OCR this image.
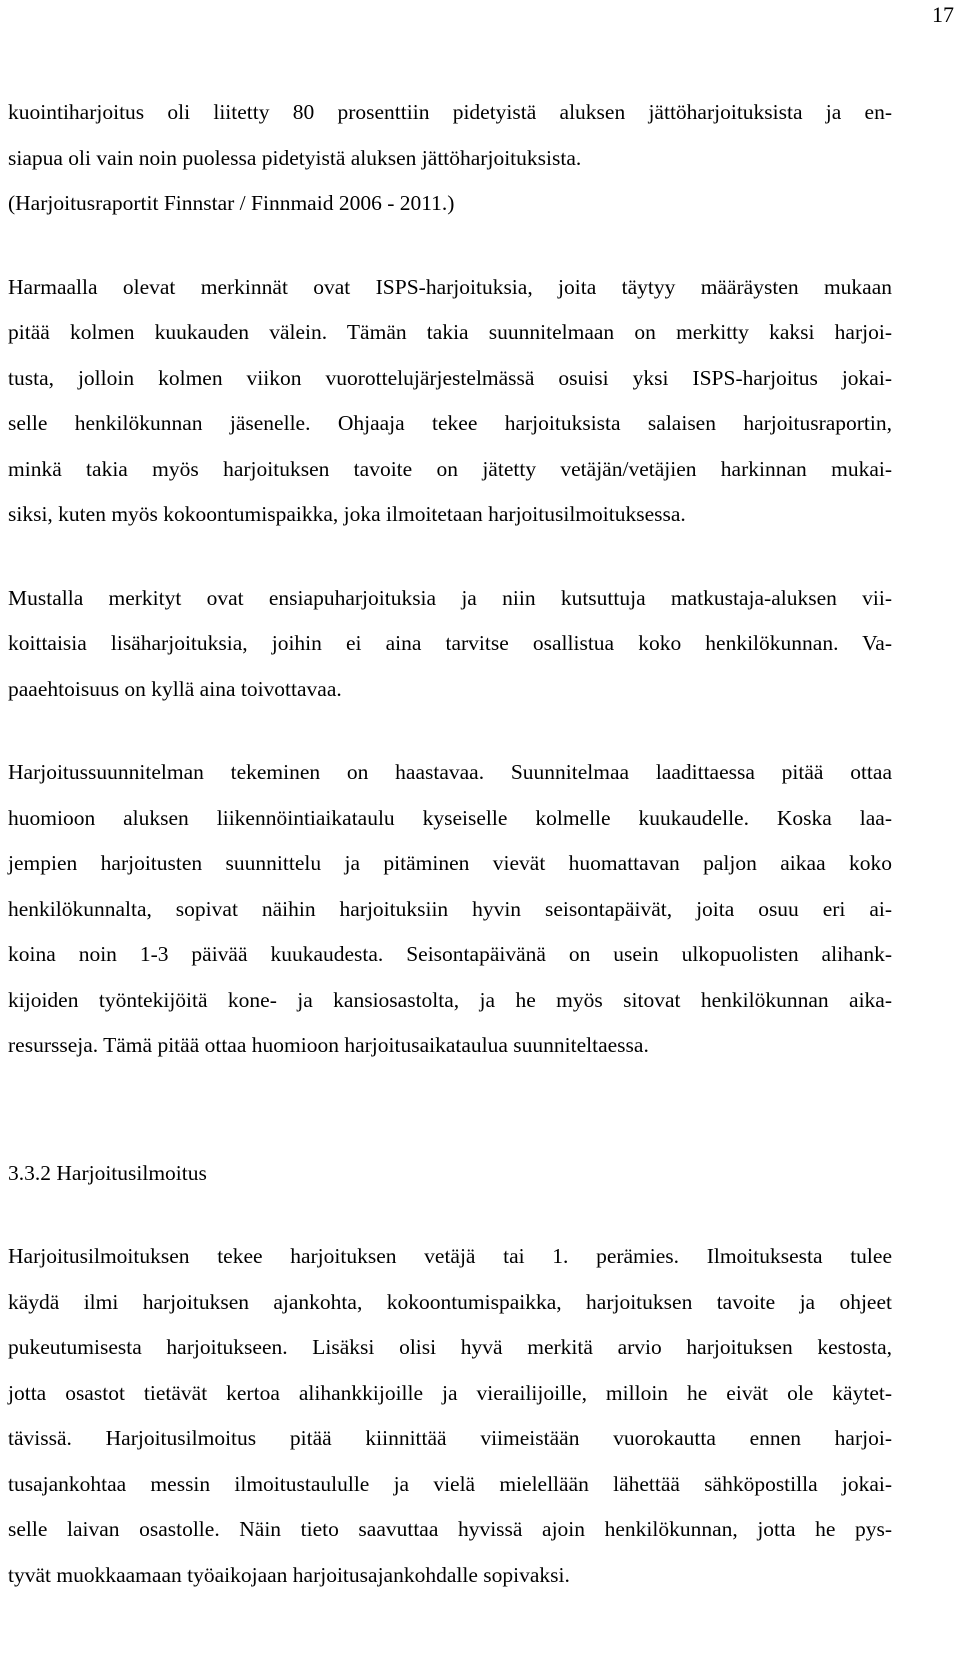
17
kuointiharjoitus oli liitetty 80 prosenttiin pidetyistä aluksen jättöharjoituksista ja en-
siapua oli vain noin puolessa pidetyistä aluksen jättöharjoituksista.
(Harjoitusraportit Finnstar / Finnmaid 2006 - 2011.)
Harmaalla olevat merkinnät ovat ISPS-harjoituksia, joita täytyy määräysten mukaan
pitää kolmen kuukauden välein. Tämän takia suunnitelmaan on merkitty kaksi harjoi-
tusta, jolloin kolmen viikon vuorottelujärjestelmässä osuisi yksi ISPS-harjoitus jokai-
selle henkilökunnan jäsenelle. Ohjaaja tekee harjoituksista salaisen harjoitusraportin,
minkä takia myös harjoituksen tavoite on jätetty vetäjän/vetäjien harkinnan mukai-
siksi, kuten myös kokoontumispaikka, joka ilmoitetaan harjoitusilmoituksessa.
Mustalla merkityt ovat ensiapuharjoituksia ja niin kutsuttuja matkustaja-aluksen vii-
koittaisia lisäharjoituksia, joihin ei aina tarvitse osallistua koko henkilökunnan. Va-
paaehtoisuus on kyllä aina toivottavaa.
Harjoitussuunnitelman tekeminen on haastavaa. Suunnitelmaa laadittaessa pitää ottaa
huomioon aluksen liikennöintiaikataulu kyseiselle kolmelle kuukaudelle. Koska laa-
jempien harjoitusten suunnittelu ja pitäminen vievät huomattavan paljon aikaa koko
henkilökunnalta, sopivat näihin harjoituksiin hyvin seisontapäivät, joita osuu eri ai-
koina noin 1-3 päivää kuukaudesta. Seisontapäivänä on usein ulkopuolisten alihank-
kijoiden työntekijöitä kone- ja kansiosastolta, ja he myös sitovat henkilökunnan aika-
resursseja. Tämä pitää ottaa huomioon harjoitusaikataulua suunniteltaessa.
3.3.2 Harjoitusilmoitus
Harjoitusilmoituksen tekee harjoituksen vetäjä tai 1. perämies. Ilmoituksesta tulee
käydä ilmi harjoituksen ajankohta, kokoontumispaikka, harjoituksen tavoite ja ohjeet
pukeutumisesta harjoitukseen. Lisäksi olisi hyvä merkitä arvio harjoituksen kestosta,
jotta osastot tietävät kertoa alihankkijoille ja vierailijoille, milloin he eivät ole käytet-
tävissä. Harjoitusilmoitus pitää kiinnittää viimeistään vuorokautta ennen harjoi-
tusajankohtaa messin ilmoitustaululle ja vielä mielellään lähettää sähköpostilla jokai-
selle laivan osastolle. Näin tieto saavuttaa hyvissä ajoin henkilökunnan, jotta he pys-
tyvät muokkaamaan työaikojaan harjoitusajankohdalle sopivaksi.
